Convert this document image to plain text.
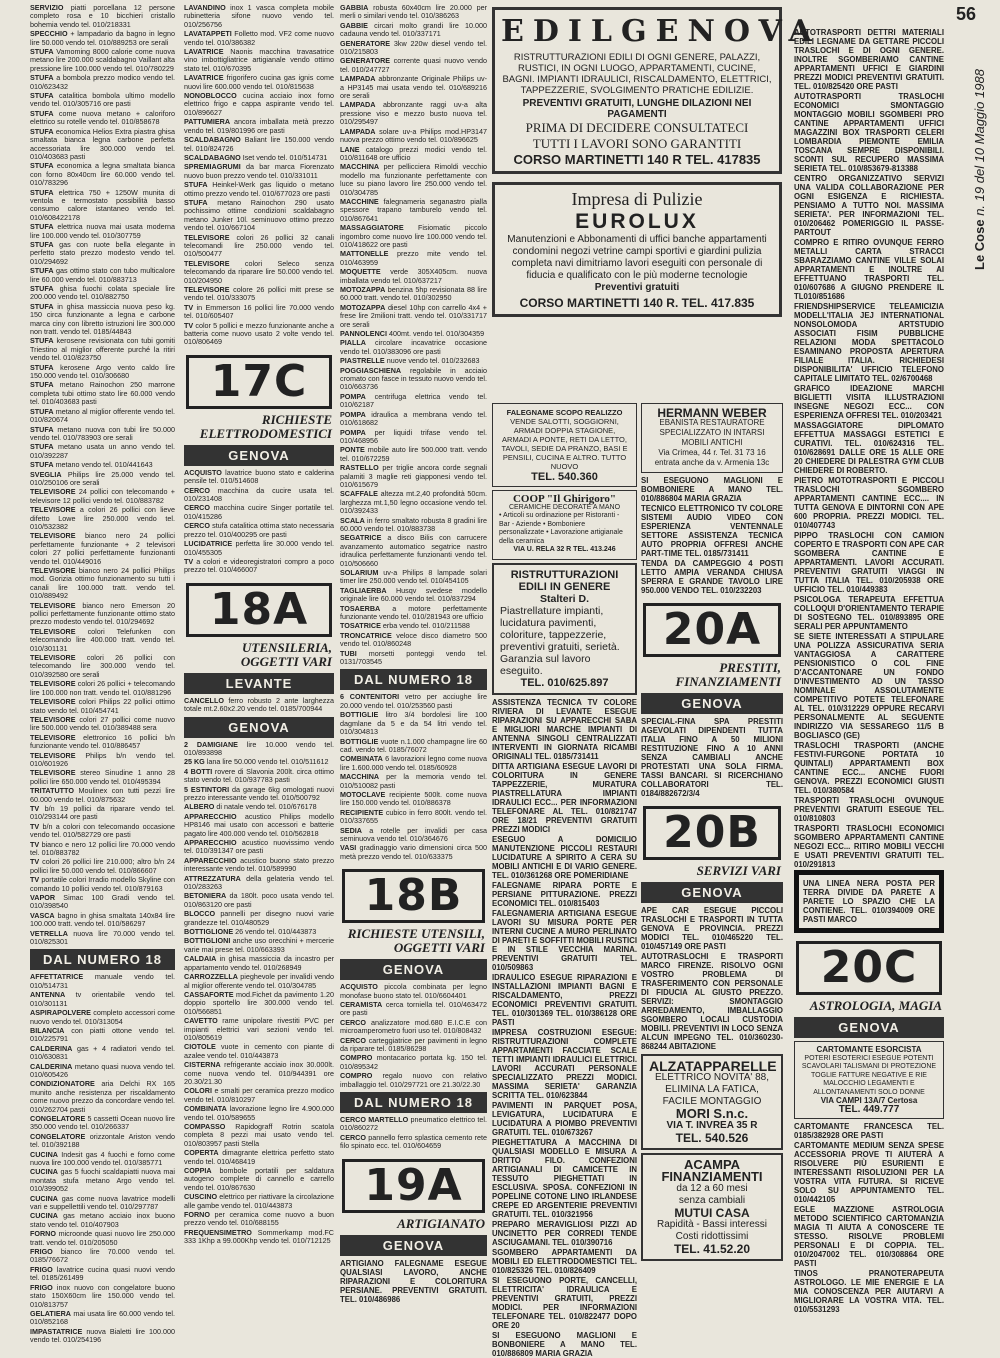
56
Le Cose n. 19 del 10 Maggio 1988
SERVIZIO piatti porcellana 12 persone completo rosa e 10 bicchieri cristallo bohemia vendo tel. 010/218331
SPECCHIO + lampadario da bagno in legno lire 50.000 vendo tel. 010/889253 ore serali
STUFA Vamoming 8000 calorie come nuova metano lire 200.000 scaldabagno Vaillant alta pressione lire 100.000 vendo tel. 010/780229
STUFA a bombola prezzo modico vendo tel. 010/623432
STUFA catalitica bombola ultimo modello vendo tel. 010/305716 ore pasti
STUFA come nuova metano + caloriforo elettrico su rotelle vendo tel. 010/858678
STUFA economica Helios Extra piastra ghisa smaltata bianca legna carbone perfetta accessoriata lire 300.000 vendo tel. 010/403683 pasti
STUFA economica a legna smaltata bianca con forno 80x40cm lire 60.000 vendo tel. 010/783296
STUFA elettrica 750 + 1250W munita di ventola e termostato possibilità basso consumo calore istantaneo vendo tel. 010/608422178
STUFA elettrica nuova mai usata moderna lire 100.000 vendo tel. 010/307759
STUFA gas con ruote bella elegante in perfetto stato prezzo modesto vendo tel. 010/294692
STUFA gas ottimo stato con tubo multicalore lire 60.000 vendo tel. 010/883713
STUFA ghisa fuochi colata speciale lire 200.000 vendo tel. 010/882750
STUFA in ghisa massiccia nuova peso kg. 150 circa funzionante a legna e carbone marca ciny con libretto istruzioni lire 300.000 non tratt. vendo tel. 0185/44843
STUFA kerosene revisionata con tubi gomiti Triestino al miglior offerente purché la ritiri vendo tel. 010/823750
STUFA kerosene Argo vento caldo lire 150.000 vendo tel. 010/306680
STUFA metano Rainochon 250 marrone completa tubi ottimo stato lire 60.000 vendo tel. 010/403683 pasti
STUFA metano al miglior offerente vendo tel. 010/820674
STUFA metano nuova con tubi lire 50.000 vendo tel. 010/783903 ore serali
STUFA metano usata un anno vendo tel. 010/392287
STUFA metano vendo tel. 010/441643
SVEGLIA Philips lire 25.000 vendo tel. 010/250106 ore serali
TELEVISORE 24 pollici con telecomando + televisore 12 pollici vendo tel. 010/883782
TELEVISORE a colori 26 pollici con lieve difetto Lowe lire 250.000 vendo tel. 010/532382
TELEVISORE bianco nero 24 pollici perfettamente funzionante + 2 televisori colori 27 pollici perfettamente funzionanti vendo tel. 010/449016
TELEVISORE bianco nero 24 pollici Philips mod. Gorizia ottimo funzionamento su tutti i canali lire 100.000 tratt. vendo tel. 010/889492
TELEVISORE bianco nero Emerson 20 pollici perfettamente funzionante ottimo stato prezzo modesto vendo tel. 010/294692
TELEVISORE colori Telefunken con telecomando lire 400.000 tratt. vendo tel. 010/301131
TELEVISORE colori 26 pollici con telecomando lire 300.000 vendo tel. 010/392580 ore serali
TELEVISORE colori 26 pollici + telecomando lire 100.000 non tratt. vendo tel. 010/881296
TELEVISORE colori Philips 22 pollici ottimo stato vendo tel. 010/454741
TELEVISORE colori 27 pollici come nuovo lire 500.000 vendo tel. 010/389488 sera
TELEVISORE elettronico 16 pollici b/n funzionante vendo tel. 010/886457
TELEVISORE Philips b/n vendo tel. 010/601926
TELEVISORE stereo Sinudine 1 anno 28 pollici lire 650.000 vendo tel. 010/495394
TRITATUTTO Moulinex con tutti pezzi lire 60.000 vendo tel. 010/875632
TV b/n 19 pollici da riparare vendo tel. 010/293144 ore pasti
TV b/n a colori con telecomando occasione vendo tel. 010/582729 ore pasti
TV bianco e nero 12 pollici lire 70.000 vendo tel. 010/883782
TV colori 26 pollici lire 210.000; altro b/n 24 pollici lire 50.000 vendo tel. 010/866607
TV portatile colori Irradio modello Skyline con comando 10 pollici vendo tel. 010/879163
VAPOR Simac 100 Gradi vendo tel. 010/398540
VASCA bagno in ghisa smaltata 140x84 lire 100.000 tratt. vendo tel. 010/586297
VETRELLA nuova lire 70.000 vendo tel. 010/825301
DAL NUMERO 18
AFFETTATRICE manuale vendo tel. 010/514731
ANTENNA tv orientabile vendo tel. 010/301131
ASPIRAPOLVERE completo accessori come nuovo vendo tel. 010/313054
BILANCIA con piatti ottone vendo tel. 010/225791
CALDERINA gas + 4 radiatori vendo tel. 010/630831
CALDERINA metano quasi nuova vendo tel. 010/605426
CONDIZIONATORE aria Delchi RX 165 munito anche resistenza per riscaldamento come nuovo prezzo da concordare vendo tel. 010/262704 pasti
CONGELATORE 5 cassetti Ocean nuovo lire 350.000 vendo tel. 010/266337
CONGELATORE orizzontale Ariston vendo tel. 010/392188
CUCINA Indesit gas 4 fuochi e forno come nuova lire 100.000 vendo tel. 010/385771
CUCINA gas 5 fuochi scaldapiatti nuova mai montata stufa metano Argo vendo tel. 010/399052
CUCINA gas come nuova lavatrice modelli vari e suppellettili vendo tel. 010/297787
CUCINA gas metano acciaio inox buono stato vendo tel. 010/407903
FORNO microonde quasi nuovo lire 250.000 tratt. vendo tel. 010/205050
FRIGO bianco lire 70.000 vendo tel. 0185/76672
FRIGO lavatrice cucina quasi nuovi vendo tel. 0185/261499
FRIGO inox nuovo con congelatore buono stato 150X60cm lire 150.000 vendo tel. 010/813757
GELATIERA mai usata lire 60.000 vendo tel. 010/852168
IMPASTATRICE nuova Bialetti lire 100.000 vendo tel. 010/254196
LAVANDINO inox 1 vasca completa mobile rubinetteria sifone nuovo vendo tel. 010/256756
LAVATAPPETI Folletto mod. VF2 come nuovo vendo tel. 010/386382
LAVATRICE Naonis macchina travasatrice vino imbottigliatrice artigianale vendo ottimo stato tel. 010/670395
LAVATRICE frigorifero cucina gas ignis come nuovi lire 600.000 vendo tel. 010/815638
NONOBLOCCO cucina acciaio inox forno elettrico frigo e cappa aspirante vendo tel. 010/896627
PATTUMIERA ancora imballata metà prezzo vendo tel. 019/801996 ore pasti
SCALDABAGNO Baliant lire 150.000 vendo tel. 010/824726
SCALDABAGNO Iset vendo tel. 010/514731
SPREMIAGRUMI da bar marca Fiorenzato nuovo buon prezzo vendo tel. 010/331011
STUFA Heinkel-Werk gas liquido o metano ottimo prezzo vendo tel. 010/677023 ore pasti
STUFA metano Rainochon 290 usato pochissimo ottime condizioni scaldabagno metano Junker 10l. seminuovo ottimo prezzo vendo tel. 010/667104
TELEVISORE colori 26 pollici 32 canali telecomandi lire 250.000 vendo tel. 010/500477
TELEVISORE colori Seleco senza telecomando da riparare lire 50.000 vendo tel. 010/204950
TELEVISORE colore 26 pollici mitt prese se vendo tel. 010/333075
TV in Emmerson 16 pollici lire 70.000 vendo tel. 010/605407
TV color 5 pollici e mezzo funzionante anche a batteria come nuovo usato 2 volte vendo tel. 010/806469
17C
RICHIESTE ELETTRODOMESTICI
GENOVA
ACQUISTO lavatrice buono stato e calderina pensile tel. 010/514608
CERCO macchina da cucire usata tel. 010/231408
CERCO macchina cucire Singer portatile tel. 010/415286
CERCO stufa catalitica ottima stato necessaria prezzo tel. 010/400295 ore pasti
LUCIDATRICE perfetta lire 30.000 vendo tel. 010/455305
TV a colori e videoregistratori compro a poco prezzo tel. 010/466007
18A
UTENSILERIA, OGGETTI VARI
LEVANTE
CANCELLO ferro robusto 2 ante larghezza totale mt.2.60x2.20 vendo tel. 0185/700944
GENOVA
2 DAMIGIANE lire 10.000 vendo tel. 010/893898
25 KG lana lire 50.000 vendo tel. 010/511612
4 BOTTI rovere di Slavonia 200lt. circa ottimo stato vendo tel. 010/937783 pasti
5 ESTINTORI da garage 6kg omologati nuovi prezzo interessante vendo tel. 010/500792
ALBERO di natale vendo tel. 010/676178
APPARECCHIO acustico Philips modello HP8146 mai usato con accessori e batterie pagato lire 400.000 vendo tel. 010/562818
APPARECCHIO acustico nuovissimo vendo tel. 010/391347 ore pasti
APPARECCHIO acustico buono stato prezzo interessante vendo tel. 010/589990
ATTREZZATURA della gelateria vendo tel. 010/283263
BETONIERA da 180lt. poco usata vendo tel. 010/863120 ore pasti
BLOCCO pannelli per disegno nuovi varie grandezze tel. 010/480529
BOTTIGLIONE 26 vendo tel. 010/443873
BOTTIGLIONI anche uso orecchini + mercerie varie mai prese tel. 010/663393
CALDAIA in ghisa massiccia da incastro per appartamento vendo tel. 010/268949
CARROZZELLA pieghevole per invalidi vendo al miglior offerente vendo tel. 010/304785
CASSAFORTE mod.Fichet da pavimento 1.20 doppio sportello lire 300.000 vendo tel. 010/566851
CAVETTO rame unipolare rivestiti PVC per impianti elettrici vari sezioni vendo tel. 010/805619
CIOTOLE vuote in cemento con piante di azalee vendo tel. 010/443873
CISTERNA refrigerante acciaio inox 30.000lt. come nuova vendo tel. 010/944391 ore 20.30/21.30
COLORI e smalti per ceramica prezzo modico vendo tel. 010/810297
COMBINATA lavorazione legno lire 4.900.000 vendo tel. 010/589655
COMPASSO Rapidograff Rotrin scatola completa 8 pezzi mai usato vendo tel. 010/803957 pasti Stella
COPERTA dimagrante elettrica perfetto stato vendo tel. 010/468419
COPPIA bombole portatili per saldatura autogeno complete di cannello e carrello vendo tel. 010/867630
CUSCINO elettrico per riattivare la circolazione alle gambe vendo tel. 010/443873
FORNO per ceramica come nuovo a buon prezzo vendo tel. 010/688155
FREQUENSIMETRO Sommerkamp mod.FC 333 1Khp a 99.000Khp vendo tel. 010/712125
GABBIA robusta 60x40cm lire 20.000 per merli o similari vendo tel. 010/386263
GABBIE circari molto grandi lire 10.000 cadauna vendo tel. 010/337171
GENERATORE 3kw 220w diesel vendo tel. 010/215803
GENERATORE corrente quasi nuovo vendo tel. 010/247727
LAMPADA abbronzante Originale Philips uv-a HP3145 mai usata vendo tel. 010/689216 ore serali
LAMPADA abbronzante raggi uv-a alta pressione viso e mezzo busto nuova tel. 010/295497
LAMPADA solare uv-a Philips mod.HP3147 nuova prezzo ottimo vendo tel. 010/896625
LANE catalogo prezzi modici vendo tel. 010/811648 ore ufficio
MACCHINA per pellicciera Rimoldi vecchio modello ma funzionante perfettamente con luce su piano lavoro lire 250.000 vendo tel. 010/304785
MACCHINE falegnameria seganastro pialla spessore trapano tamburelo vendo tel. 010/867641
MASSAGGIATORE Fisiomatic piccolo ingombro come nuovo lire 100.000 vendo tel. 010/418622 ore pasti
MATTONELLE prezzo mite vendo tel. 010/463959
MOQUETTE verde 305X405cm. nuova imballata vendo tel. 010/637217
MOTOZAPPA benzina 5hp revisionata 88 lire 60.000 tratt. vendo tel. 010/302950
MOTOZAPPA diesel 10hp con carrello 4x4 + frese lire 2milioni tratt. vendo tel. 010/331717 ore serali
PANNOLENCI 400mt. vendo tel. 010/304359
PIALLA circolare incavatrice occasione vendo tel. 010/383096 ore pasti
PIASTRELLE nuove vendo tel. 010/232683
POGGIASCHIENA regolabile in acciaio cromato con fasce in tessuto nuovo vendo tel. 010/663736
POMPA centrifuga elettrica vendo tel. 010/62187
POMPA idraulica a membrana vendo tel. 010/618682
POMPA per liquidi trifase vendo tel. 010/468956
PONTE mobile auto lire 500.000 tratt. vendo tel. 010/672259
RASTELLO per triglie ancora corde segnali palamiti 3 maglie reti giapponesi vendo tel. 010/615679
SCAFFALE altezza mt.2,40 profondità 50cm. larghezza mt.1,50 legno occasione vendo tel. 010/392433
SCALA in ferro smaltato robusta 8 gradini lire 60.000 vendo tel. 010/883738
SEGATRICE a disco Bilis con carrucere avanzamento automatico segatrice nastro idraulica perfettamente funzionanti vendo tel. 010/506660
SOLARIUM uv-a Philips 8 lampade solari timer lire 250.000 vendo tel. 010/454105
TAGLIAERBA Husqv svedese modello originale lire 60.000 vendo tel. 010/837294
TOSAERBA a motore perfettamente funzionante vendo tel. 010/281943 ore ufficio
TOSATRICE erba vendo tel. 010/211588
TRONCATRICE veloce disco diametro 500 vendo tel. 010/860248
TUBI morsetti ponteggi vendo tel. 0131/703545
DAL NUMERO 18
6 CONTENITORI vetro per acciughe lire 20.000 vendo tel. 010/253560 pasti
BOTTIGLIE litro 3/4 bordolesi lire 100 dagmlane da 5 e da 54 litri vendo tel. 010/304813
BOTTIGLIE vuote n.1.000 champagne lire 60 cad. vendo tel. 0185/76072
COMBINATA 6 lavorazioni legno come nuova lire 1.600.000 vendo tel. 0185/60928
MACCHINA per la memoria vendo tel. 010/510082 pasti
MOTOCLAVE recipiente 500lt. come nuova lire 150.000 vendo tel. 010/886378
RECIPIENTE cubico in ferro 800lt. vendo tel. 010/337655
SEDIA a rotelle per invalidi per casa seminuova vendo tel. 010/364676
VASI gradinaggio vario dimensioni circa 500 metà prezzo vendo tel. 010/633375
18B
RICHIESTE UTENSILI, OGGETTI VARI
GENOVA
ACQUISTO piccola combinata per legno monofase buono stato tel. 010/6604401
CERAMISTA cerca torniella tel. 010/463472 ore pasti
CERCO analizzatore mod.680 E.I.C.E con microamperometro fuori uso tel. 010/808432
CERCO carteggiatrice per pavimenti in legno da riparare tel. 0185/86298
COMPRO montacarico portata kg. 150 tel. 010/895342
COMPRO regalo nuovo con relativo imballaggio tel. 010/297721 ore 21.30/22.30
DAL NUMERO 18
CERCO MARTELLO pneumatico elettrico tel. 010/860272
CERCO pannello ferro splastica cemento rete filo spinato ecc. tel. 010/604659
19A
ARTIGIANATO
GENOVA
ARTIGIANO FALEGNAME ESEGUE QUALSIASI LAVORO, ANCHE RIPARAZIONI E COLORITURA PERSIANE. PREVENTIVI GRATUITI. TEL. 010/486986
EDILGENOVA
RISTRUTTURAZIONI EDILI DI OGNI GENERE, PALAZZI, RUSTICI, IN OGNI LUOGO, APPARTAMENTI, CUCINE, BAGNI. IMPIANTI IDRAULICI, RISCALDAMENTO, ELETTRICI, TAPPEZZERIE, SVOLGIMENTO PRATICHE EDILIZIE.
PREVENTIVI GRATUITI, LUNGHE DILAZIONI NEI PAGAMENTI
PRIMA DI DECIDERE CONSULTATECI
TUTTI I LAVORI SONO GARANTITI
CORSO MARTINETTI 140 R TEL. 417835
Impresa di Pulizie
EUROLUX
Manutenzioni e Abbonamenti di uffici banche appartamenti condomini negozi vetrine campi sportivi e giardini pulizia completa navi dimitriamo lavori eseguiti con personale di fiducia e qualificato con le più moderne tecnologie
Preventivi gratuiti
CORSO MARTINETTI 140 R. TEL. 417.835
FALEGNAME SCOPO REALIZZO
VENDE SALOTTI, SOGGIORNI, ARMADI DOPPIA STAGIONE, ARMADI A PONTE, RETI DA LETTO, TAVOLI, SEDIE DA PRANZO, BASI E PENSILI, CUCINA E ALTRO. TUTTO NUOVO
TEL. 540.360
COOP "Il Ghirigoro"
CERAMICHE DECORATE A MANO
• Articoli su ordinazione per Ristoranti - Bar - Aziende • Bomboniere personalizzate • Lavorazione artigianale della ceramica
VIA U. RELA 32 R TEL. 413.246
RISTRUTTURAZIONI EDILI IN GENERE
Stalteri D.
Piastrellature impianti, lucidatura pavimenti, coloriture, tappezzerie, preventivi gratuiti, serietà. Garanzia sul lavoro eseguito.
TEL. 010/625.897
ASSISTENZA TECNICA TV COLORE RIVIERA DI LEVANTE ESEGUE RIPARAZIONI SU APPARECCHI SABA E MIGLIORI MARCHE IMPIANTI DI ANTENNA SINGOLI CENTRALIZZATI INTERVENTI IN GIORNATA RICAMBI ORIGINALI TEL. 0185/731411
DITTA ARTIGIANA ESEGUE LAVORI DI COLORITURA IN GENERE TAPPEZZERIE, MURATURA PIASTRELLATURA IMPIANTI IDRAULICI ECC... PER INFORMAZIONI TELEFONARE AL TEL. 010/821747 ORE 18/21 PREVENTIVI GRATUITI PREZZI MODICI
ESEGUO A DOMICILIO MANUTENZIONE PICCOLI RESTAURI LUCIDATURE A SPIRITO A CERA SU MOBILI ANTICHI E DI VARIO GENERE. TEL. 010/361268 ORE POMERIDIANE
FALEGNAME RIPARA PORTE E PERSIANE PITTURAZIONE. PREZZI ECONOMICI TEL. 010/815403
FALEGNAMERIA ARTIGIANA ESEGUE LAVORI SU MISURA PORTE PER INTERNI CUCINE A MURO PERLINATO DI PARETI E SOFFITTI MOBILI RUSTICI E IN STILE VECCHIA MARINA. PREVENTIVI GRATUITI TEL. 010/509863
IDRAULICO ESEGUE RIPARAZIONI E INSTALLAZIONI IMPIANTI BAGNI E RISCALDAMENTO, PREZZI ECONOMICI PREVENTIVI GRATUITI. TEL. 010/301369 TEL. 010/386128 ORE PASTI
IMPRESA COSTRUZIONI ESEGUE: RISTRUTTURAZIONI COMPLETE APPARTAMENTI FACCIATE SCALE TETTI IMPIANTI IDRAULICI ELETTRICI. LAVORI ACCURATI PERSONALE SPECIALIZZATO PREZZI MODICI. MASSIMA SERIETA' GARANZIA SCRITTA TEL. 010/623844
PAVIMENTI IN PARQUET POSA, LEVIGATURA, LUCIDATURA E LUCIDATURA A PIOMBO PREVENTIVI GRATUITI. TEL. 010/673267
PIEGHETTATURA A MACCHINA DI QUALSIASI MODELLO E MISURA A DRITTO FILO. CONFEZIONI ARTIGIANALI DI CAMICETTE IN TESSUTO PIEGHETTATI IN ESCLUSIVA. SPOSA. CONFEZIONI IN POPELINE COTONE LINO IRLANDESE CREPE ED ARGENTERIE PREVENTIVI GRATUITI. TEL. 010/321956
PREPARO MERAVIGLIOSI PIZZI AD UNCINETTO PER CORREDI TENDE ASCIUGAMANI. TEL. 010/390716
SGOMBERO APPARTAMENTI DA MOBILI ED ELETTRODOMESTICI TEL. 010/825326 TEL. 010/826409
SI ESEGUONO PORTE, CANCELLI, ELETTRICITA' IDRAULICA E PREVENTIVI GRATUITI, PREZZI MODICI. PER INFORMAZIONI TELEFONARE TEL. 010/822477 DOPO ORE 20
SI ESEGUONO MAGLIONI E BONBONIERE A MANO TEL. 010/886809 MARIA GRAZIA
HERMANN WEBER
EBANISTA RESTAURATORE SPECIALIZZATO IN INTARSI MOBILI ANTICHI
Via Crimea, 44 r. Tel. 31 73 16 entrata anche da v. Armenia 13c
SI ESEGUONO MAGLIONI E BOMBONIERE A MANO TEL. 010/886804 MARIA GRAZIA
TECNICO ELETTRONICO TV COLORE SISTEMI AUDIO VIDEO CON ESPERIENZA VENTENNALE SETTORE ASSISTENZA TECNICA AUTO PROPRIA OFFRESI ANCHE PART-TIME TEL. 0185/731411
TENDA DA CAMPEGGIO 4 POSTI LETTO AMPIA VERANDA CHIUSA SPERRA E GRANDE TAVOLO LIRE 950.000 VENDO TEL. 010/232203
20A
PRESTITI, FINANZIAMENTI
GENOVA
SPECIAL-FINA SPA PRESTITI AGEVOLATI DIPENDENTI TUTTA ITALIA FINO A 50 MILIONI RESTITUZIONE FINO A 10 ANNI SENZA CAMBIALI ANCHE PROTESTATI UNA SOLA FIRMA. TASSI BANCARI. SI RICERCHIANO COLLABORATORI TEL. 0184/882672/3/4
20B
SERVIZI VARI
GENOVA
APE CAR ESEGUE PICCOLI TRASLOCHI E TRASPORTI IN TUTTA GENOVA E PROVINCIA. PREZZI MODICI TEL. 010/465220 TEL. 010/457149 ORE PASTI
AUTOTRASLOCHI E TRASPORTI MARCO FIRENZE. RISOLVO OGNI VOSTRO PROBLEMA DI TRASFERIMENTO CON PERSONALE DI FIDUCIA AL GIUSTO PREZZO. SERVIZI: SMONTAGGIO ARREDAMENTO, IMBALLAGGIO SGOMBERO LOCALI CUSTODIA MOBILI. PREVENTIVI IN LOCO SENZA ALCUN IMPEGNO TEL. 010/360230-868244 ABITAZIONE
ALZATAPPARELLE
ELETTRICO NOVITA' 88, ELIMINA LA FATICA, FACILE MONTAGGIO
MORI S.n.c.
VIA T. INVREA 35 R
TEL. 540.526
ACAMPA FINANZIAMENTI
da 12 a 60 mesi
senza cambiali
MUTUI CASA
Rapidità - Bassi interessi
Costi ridottissimi
TEL. 41.52.20
AUTOTRASPORTI DETTRI MATERIALI EDILI LEGNAME DA GETTARE PICCOLI TRASLOCHI E DI OGNI GENERE. INOLTRE SGOMBERIAMO CANTINE APPARTAMENTI UFFICI E GIARDINI PREZZI MODICI PREVENTIVI GRATUITI. TEL. 010/825420 ORE PASTI
AUTOTRASPORTI TRASLOCHI ECONOMICI SMONTAGGIO MONTAGGIO MOBILI SGOMBERI PRO CANTINE APPARTAMENTI UFFICI MAGAZZINI BOX TRASPORTI CELERI LOMBARDIA PIEMONTE EMILIA TOSCANA SEMPRE DISPONIBILI. SCONTI SUL RECUPERO MASSIMA SERIETA TEL. 010/853679-813388
CENTRO ORGANIZZATIVO SERVIZI UNA VALIDA COLLABORAZIONE PER OGNI ESIGENZA E RICHIESTA. PENSIAMO A TUTTO NOI. MASSIMA SERIETA'. PER INFORMAZIONI TEL. 010/206462 POMERIGGIO IL PASSE-PARTOUT
COMPRO E RITIRO OVUNQUE FERRO METALLI CARTA STRACCI SBARAZZIAMO CANTINE VILLE SOLAI APPARTAMENTI E INOLTRE AI EFFETTUANO TRASPORTI TEL. 010/607686 A GIUGNO PRENDERE IL TL010/851686
FRIENDSHIPSERVICE TELEAMICIZIA MODELL'ITALIA JEJ INTERNATIONAL NONSOLOMODA ARTSTUDIO ASSOCIATI FISIM PUBBLICHE RELAZIONI MODA SPETTACOLO ESAMINANO PROPOSTA APERTURA FILIALE ITALIA. RICHIEDESI DISPONIBILITA' UFFICIO TELEFONO CAPITALE LIMITATO TEL. 02/6700468
GRAFICO IDEAZIONE MARCHI BIGLIETTI VISITA ILLUSTRAZIONI INSEGNE NEGOZI ECC... CON ESPERIENZA OFFRESI TEL. 010/203421
MASSAGGIATORE DIPLOMATO EFFETTUA MASSAGGI ESTETICI E CURATIVI. TEL. 010/624316 TEL. 010/628691 DALLE ORE 15 ALLE ORE 20 CHIEDERE DI PALESTRA GYM CLUB CHIEDERE DI ROBERTO.
PIETRO MOTOTRASPORTI E PICCOLI TRASLOCHI SGOMBERO APPARTAMENTI CANTINE ECC.... IN TUTTA GENOVA E DINTORNI CON APE 600 PROPRIA. PREZZI MODICI. TEL. 010/407743
PIPPO TRASLOCHI CON CAMION COPERTO E TRASPORTI CON APE CAR SGOMBERA CANTINE E APPARTAMENTI. LAVORI ACCURATI. PREVENTIVI GRATUITI VIAGGI IN TUTTA ITALIA TEL. 010/205938 ORE UFFICIO TEL. 010/449383
PSICOLOGA TERAPEUTA EFFETTUA COLLOQUI D'ORIENTAMENTO TERAPIE DI SOSTEGNO TEL. 010/893895 ORE SERALI PER APPUNTAMENTO
SE SIETE INTERESSATI A STIPULARE UNA POLIZZA ASSICURATIVA SERIA VANTAGGIOSA A CARATTERE PENSIONISTICO O COL FINE D'ACCANTONARE UN FONDO D'INVESTIMENTO AD UN TASSO NOMINALE ASSOLUTAMENTE COMPETITIVO POTETE TELEFONARE AL TEL. 010/312229 OPPURE RECARVI PERSONALMENTE AL SEGUENTE INDIRIZZO VIA SESSAREGO 11/5 B BOGLIASCO (GE)
TRASLOCHI TRASPORTI (ANCHE FESTIVI-FURGONE PORTATA 10 QUINTALI) APPARTAMENTI BOX CANTINE ECC... ANCHE FUORI GENOVA. PREZZI ECONOMICI GIUSTI TEL. 010/380584
TRASPORTI TRASLOCHI OVUNQUE PREVENTIVI GRATUITI ESEGUE TEL. 010/810803
TRASPORTI TRASLOCHI ECONOMICI SGOMBERO APPARTAMENTI CANTINE NEGOZI ECC... RITIRO MOBILI VECCHI E USATI PREVENTIVI GRATUITI TEL. 010/291813
UNA LINEA NERA POSTA PER TERRA DIVIDE DA PARETE A PARETE LO SPAZIO CHE LA CONTIENE. TEL. 010/394009 ORE PASTI MARCO
20C
ASTROLOGIA, MAGIA
GENOVA
CARTOMANTE ESORCISTA
POTERI ESOTERICI ESEGUE POTENTI SCAVOLARI TALISMANI DI PROTEZIONE TOGLIE FATTURE NEGATIVE E RIE MALOCCHIO LEGAMENTI E ALLONTANAMENTI SOLO DONNE
VIA CAMPI 13A/7 Certosa
TEL. 449.777
CARTOMANTE FRANCESCA TEL. 0185/382928 ORE PASTI
CARTOMANTE MEDIUM SENZA SPESE ACCESSORIA PROVE TI AIUTERÀ A RISOLVERE PIÙ ESURIENTI E INTERESSANTI RISOLUZIONI PER LA VOSTRA VITA FUTURA. SI RICEVE SOLO SU APPUNTAMENTO TEL. 010/442105
EGLE MAZZIONE ASTROLOGIA METODO SCIENTIFICO CARTOMANZIA MAGIA TI AIUTA A CONOSCERE TE STESSO. RISOLVE PROBLEMI PERSONALI E DI COPPIA. TEL. 010/2047002 TEL. 010/308864 ORE PASTI
TINOS PRANOTERAPEUTA ASTROLOGO. LE MIE ENERGIE E LA MIA CONOSCENZA PER AIUTARVI A MIGLIORARE LA VOSTRA VITA. TEL. 010/5531293
